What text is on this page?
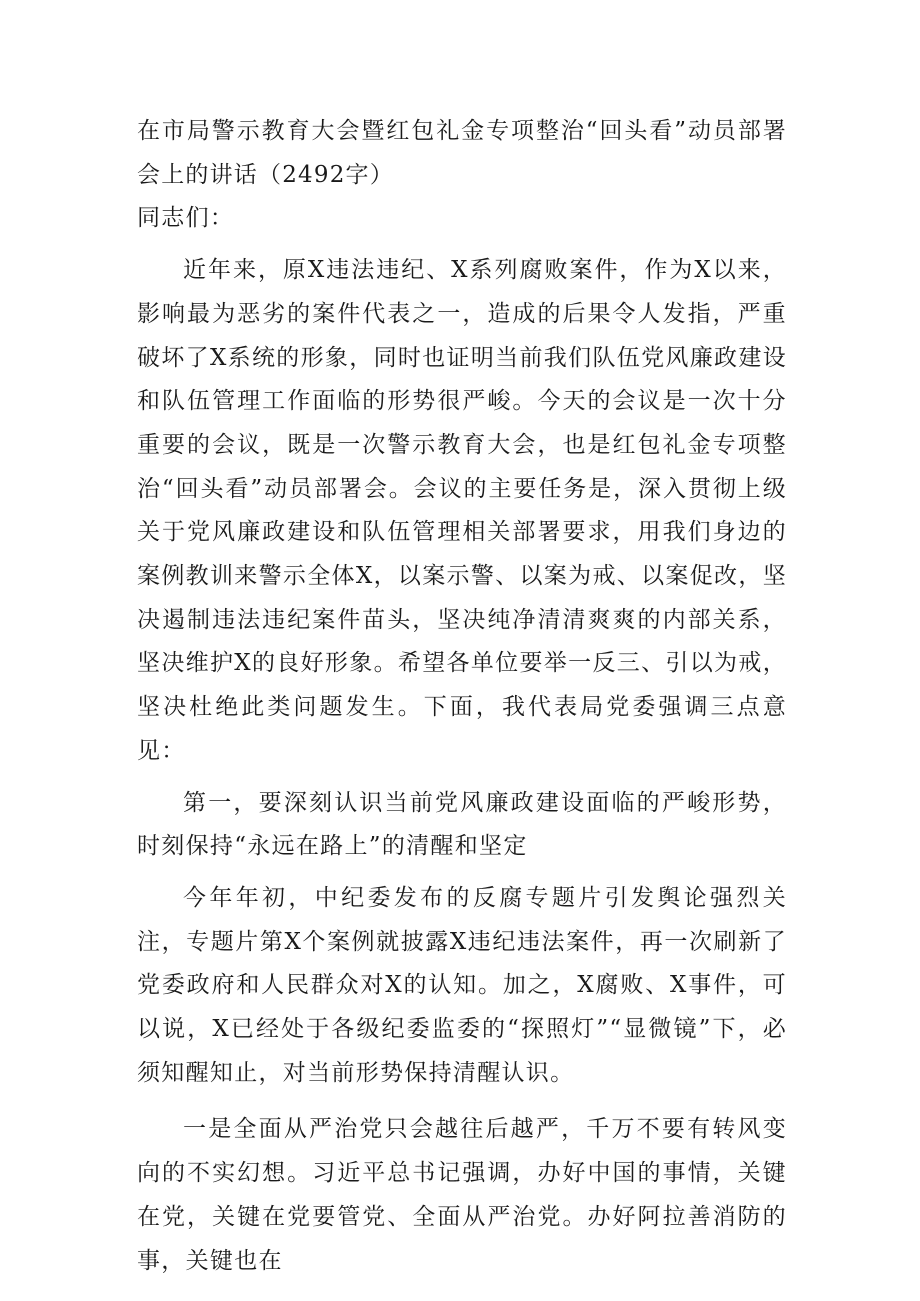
在市局警示教育大会暨红包礼金专项整治“回头看”动员部署会上的讲话（2492字）

同志们：

近年来，原X违法违纪、X系列腐败案件，作为X以来，影响最为恶劣的案件代表之一，造成的后果令人发指，严重破坏了X系统的形象，同时也证明当前我们队伍党风廉政建设和队伍管理工作面临的形势很严峻。今天的会议是一次十分重要的会议，既是一次警示教育大会，也是红包礼金专项整治“回头看”动员部署会。会议的主要任务是，深入贯彻上级关于党风廉政建设和队伍管理相关部署要求，用我们身边的案例教训来警示全体X，以案示警、以案为戒、以案促改，坚决遏制违法违纪案件苗头，坚决纯净清清爽爽的内部关系，坚决维护X的良好形象。希望各单位要举一反三、引以为戒，坚决杜绝此类问题发生。下面，我代表局党委强调三点意见：

第一，要深刻认识当前党风廉政建设面临的严峻形势，时刻保持“永远在路上”的清醒和坚定

今年年初，中纪委发布的反腐专题片引发舆论强烈关注，专题片第X个案例就披露X违纪违法案件，再一次刷新了党委政府和人民群众对X的认知。加之，X腐败、X事件，可以说，X已经处于各级纪委监委的“探照灯”“显微镜”下，必须知醒知止，对当前形势保持清醒认识。

一是全面从严治党只会越往后越严，千万不要有转风变向的不实幻想。习近平总书记强调，办好中国的事情，关键在党，关键在党要管党、全面从严治党。办好阿拉善消防的事，关键也在
